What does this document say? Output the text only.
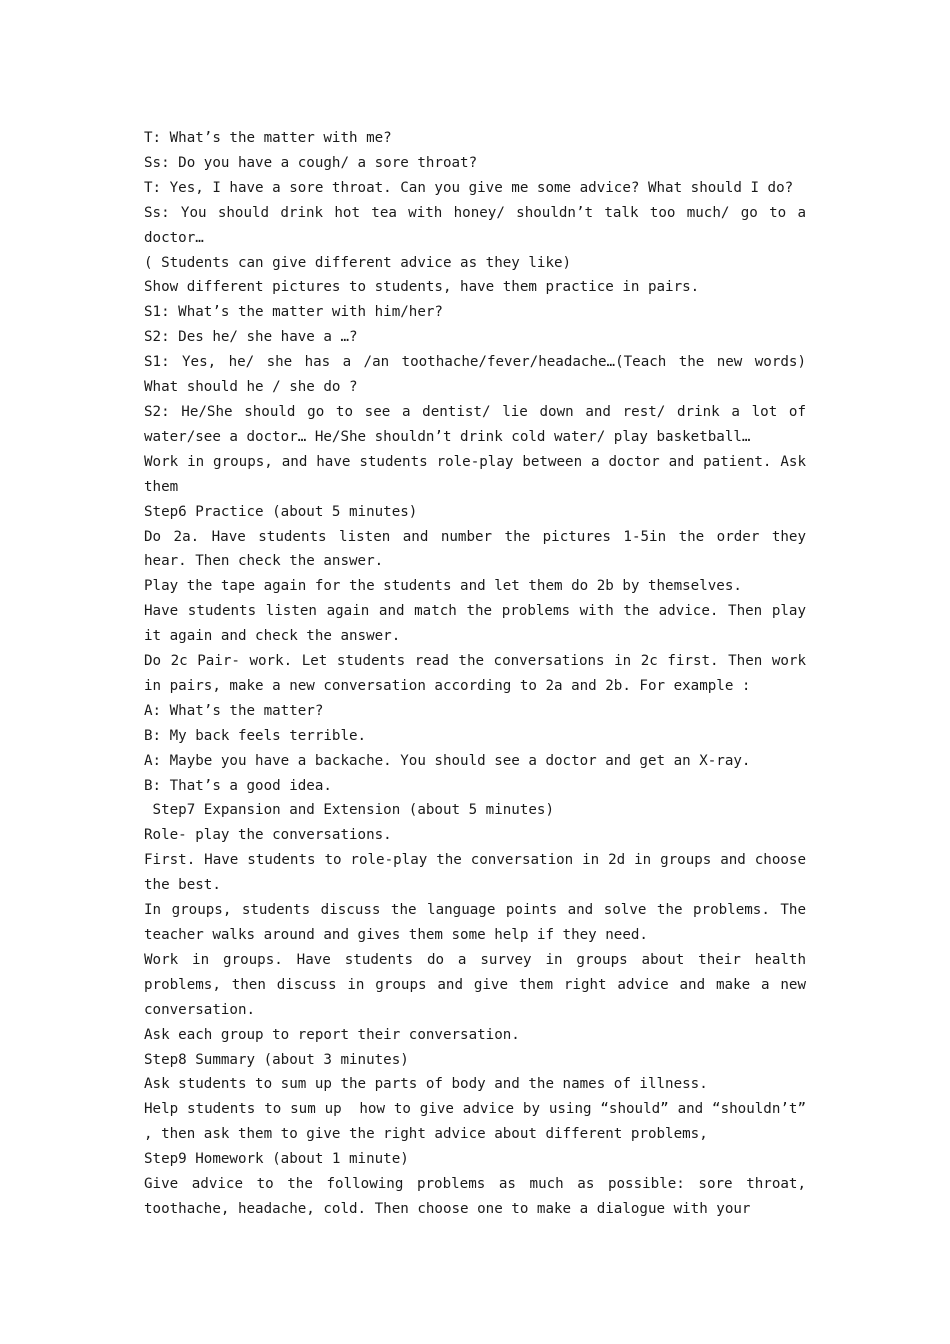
T: What’s the matter with me?

Ss: Do you have a cough/ a sore throat?

T: Yes, I have a sore throat. Can you give me some advice? What should I do?

Ss: You should drink hot tea with honey/ shouldn’t talk too much/ go to a doctor…

( Students can give different advice as they like)

Show different pictures to students, have them practice in pairs.

S1: What’s the matter with him/her?

S2: Des he/ she have a …?

S1: Yes, he/ she has a /an toothache/fever/headache…(Teach the new words) What should he / she do ?

S2: He/She should go to see a dentist/ lie down and rest/ drink a lot of water/see a doctor… He/She shouldn’t drink cold water/ play basketball…

Work in groups, and have students role-play between a doctor and patient. Ask them

Step6 Practice (about 5 minutes)

Do 2a. Have students listen and number the pictures 1-5in the order they hear. Then check the answer.

Play the tape again for the students and let them do 2b by themselves.

Have students listen again and match the problems with the advice. Then play it again and check the answer.

Do 2c Pair- work. Let students read the conversations in 2c first. Then work in pairs, make a new conversation according to 2a and 2b. For example :

A: What’s the matter?

B: My back feels terrible.

A: Maybe you have a backache. You should see a doctor and get an X-ray.

B: That’s a good idea.

Step7 Expansion and Extension (about 5 minutes)

Role- play the conversations.

First. Have students to role-play the conversation in 2d in groups and choose the best.

In groups, students discuss the language points and solve the problems. The teacher walks around and gives them some help if they need.

Work in groups. Have students do a survey in groups about their health problems, then discuss in groups and give them right advice and make a new conversation.

Ask each group to report their conversation.

Step8 Summary (about 3 minutes)

Ask students to sum up the parts of body and the names of illness.

Help students to sum up  how to give advice by using “should” and “shouldn’t” , then ask them to give the right advice about different problems,

Step9 Homework (about 1 minute)

Give advice to the following problems as much as possible: sore throat, toothache, headache, cold. Then choose one to make a dialogue with your
